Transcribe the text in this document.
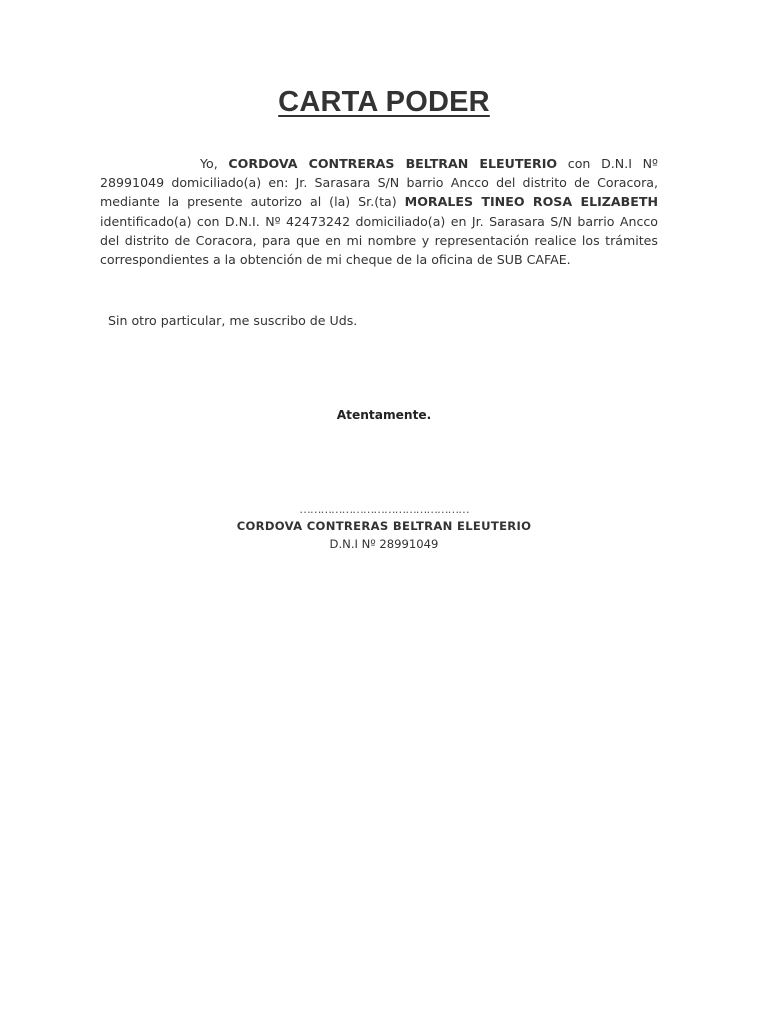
CARTA PODER

Yo, CORDOVA CONTRERAS BELTRAN ELEUTERIO con D.N.I Nº 28991049 domiciliado(a) en: Jr. Sarasara S/N barrio Ancco del distrito de Coracora, mediante la presente autorizo al (la) Sr.(ta) MORALES TINEO ROSA ELIZABETH identificado(a) con D.N.I. Nº 42473242 domiciliado(a) en Jr. Sarasara S/N barrio Ancco del distrito de Coracora, para que en mi nombre y representación realice los trámites correspondientes a la obtención de mi cheque de la oficina de SUB CAFAE.

Sin otro particular, me suscribo de Uds.
Atentamente.
…………………………………………
CORDOVA CONTRERAS BELTRAN ELEUTERIO
D.N.I Nº 28991049
